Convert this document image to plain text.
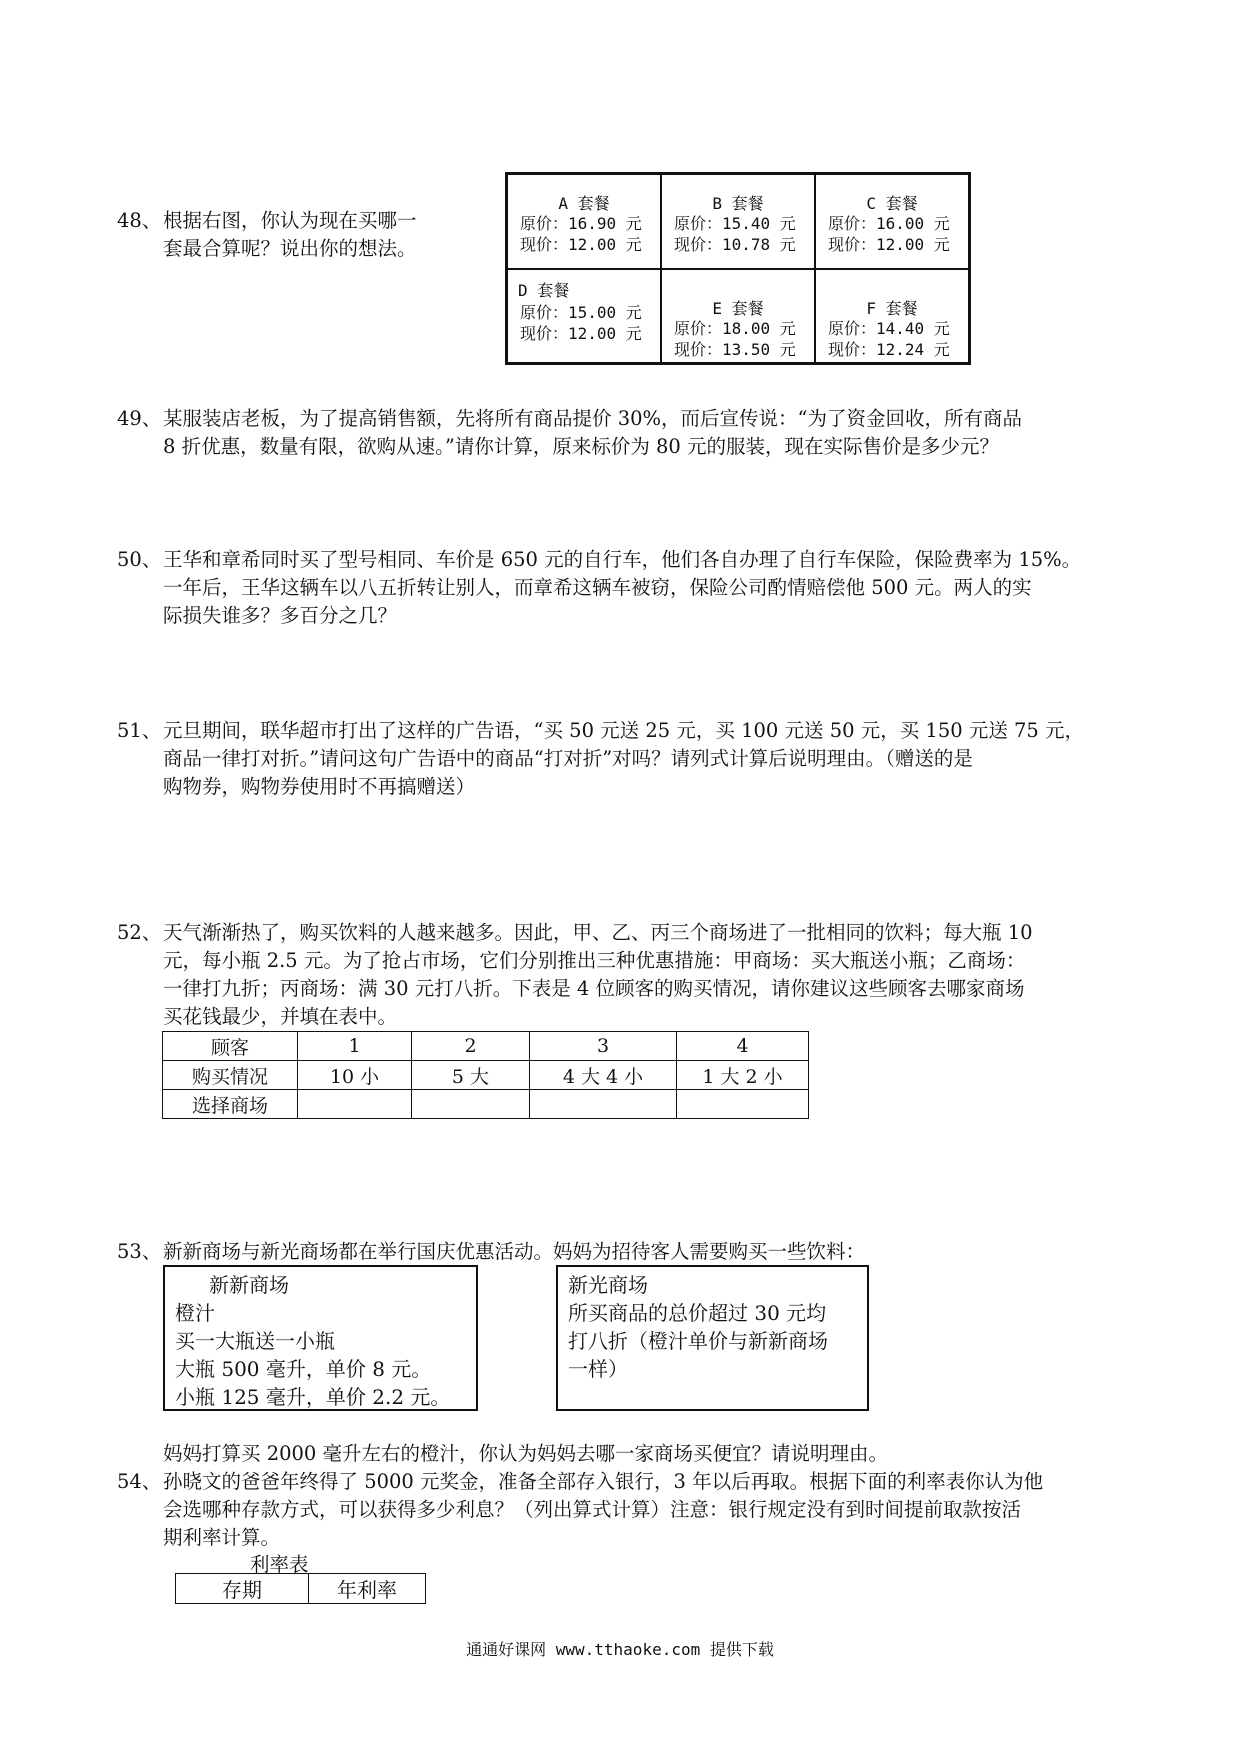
48、 根据右图，你认为现在买哪一
套最合算呢？说出你的想法。
A 套餐
原价：16.90 元
现价：12.00 元
B 套餐
原价：15.40 元
现价：10.78 元
C 套餐
原价：16.00 元
现价：12.00 元
D 套餐
原价：15.00 元
现价：12.00 元
E 套餐
原价：18.00 元
现价：13.50 元
F 套餐
原价：14.40 元
现价：12.24 元
49、 某服装店老板，为了提高销售额，先将所有商品提价 30%，而后宣传说：“为了资金回收，所有商品
8 折优惠，数量有限，欲购从速。”请你计算，原来标价为 80 元的服装，现在实际售价是多少元？
50、 王华和章希同时买了型号相同、车价是 650 元的自行车，他们各自办理了自行车保险，保险费率为 15%。
一年后，王华这辆车以八五折转让别人，而章希这辆车被窃，保险公司酌情赔偿他 500 元。两人的实
际损失谁多？多百分之几？
51、 元旦期间，联华超市打出了这样的广告语，“买 50 元送 25 元，买 100 元送 50 元，买 150 元送 75 元，
商品一律打对折。”请问这句广告语中的商品“打对折”对吗？请列式计算后说明理由。（赠送的是
购物券，购物券使用时不再搞赠送）
52、 天气渐渐热了，购买饮料的人越来越多。因此，甲、乙、丙三个商场进了一批相同的饮料；每大瓶 10
元，每小瓶 2.5 元。为了抢占市场，它们分别推出三种优惠措施：甲商场：买大瓶送小瓶；乙商场：
一律打九折；丙商场：满 30 元打八折。下表是 4 位顾客的购买情况，请你建议这些顾客去哪家商场
买花钱最少，并填在表中。
顾客	1	2	3	4
购买情况	10 小	5 大	4 大 4 小	1 大 2 小
选择商场				
53、 新新商场与新光商场都在举行国庆优惠活动。妈妈为招待客人需要购买一些饮料：
新新商场
橙汁
买一大瓶送一小瓶
大瓶 500 毫升，单价 8 元。
小瓶 125 毫升，单价 2.2 元。
新光商场
所买商品的总价超过 30 元均
打八折（橙汁单价与新新商场
一样）
妈妈打算买 2000 毫升左右的橙汁，你认为妈妈去哪一家商场买便宜？请说明理由。
54、 孙晓文的爸爸年终得了 5000 元奖金，准备全部存入银行，3 年以后再取。根据下面的利率表你认为他
会选哪种存款方式，可以获得多少利息？（列出算式计算）注意：银行规定没有到时间提前取款按活
期利率计算。
利率表
存期	年利率
通通好课网 www.tthaoke.com 提供下载
